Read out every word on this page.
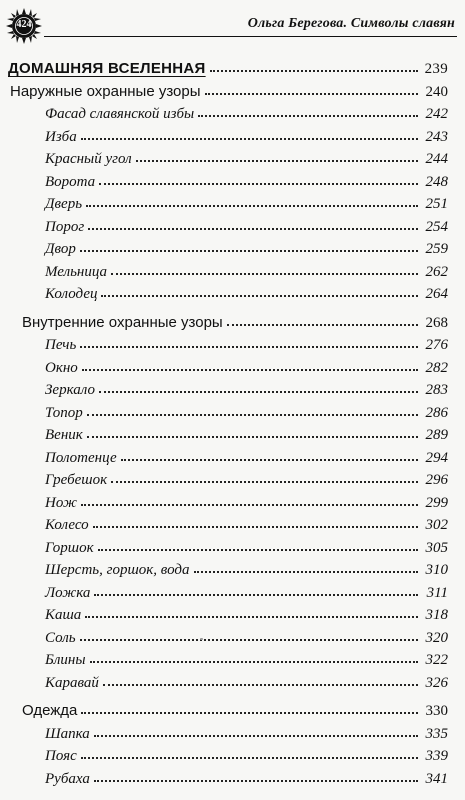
424	Ольга Берегова. Символы славян
ДОМАШНЯЯ ВСЕЛЕННАЯ	239
Наружные охранные узоры	240
Фасад славянской избы	242
Изба	243
Красный угол	244
Ворота	248
Дверь	251
Порог	254
Двор	259
Мельница	262
Колодец	264
Внутренние охранные узоры	268
Печь	276
Окно	282
Зеркало	283
Топор	286
Веник	289
Полотенце	294
Гребешок	296
Нож	299
Колесо	302
Горшок	305
Шерсть, горшок, вода	310
Ложка	311
Каша	318
Соль	320
Блины	322
Каравай	326
Одежда	330
Шапка	335
Пояс	339
Рубаха	341
